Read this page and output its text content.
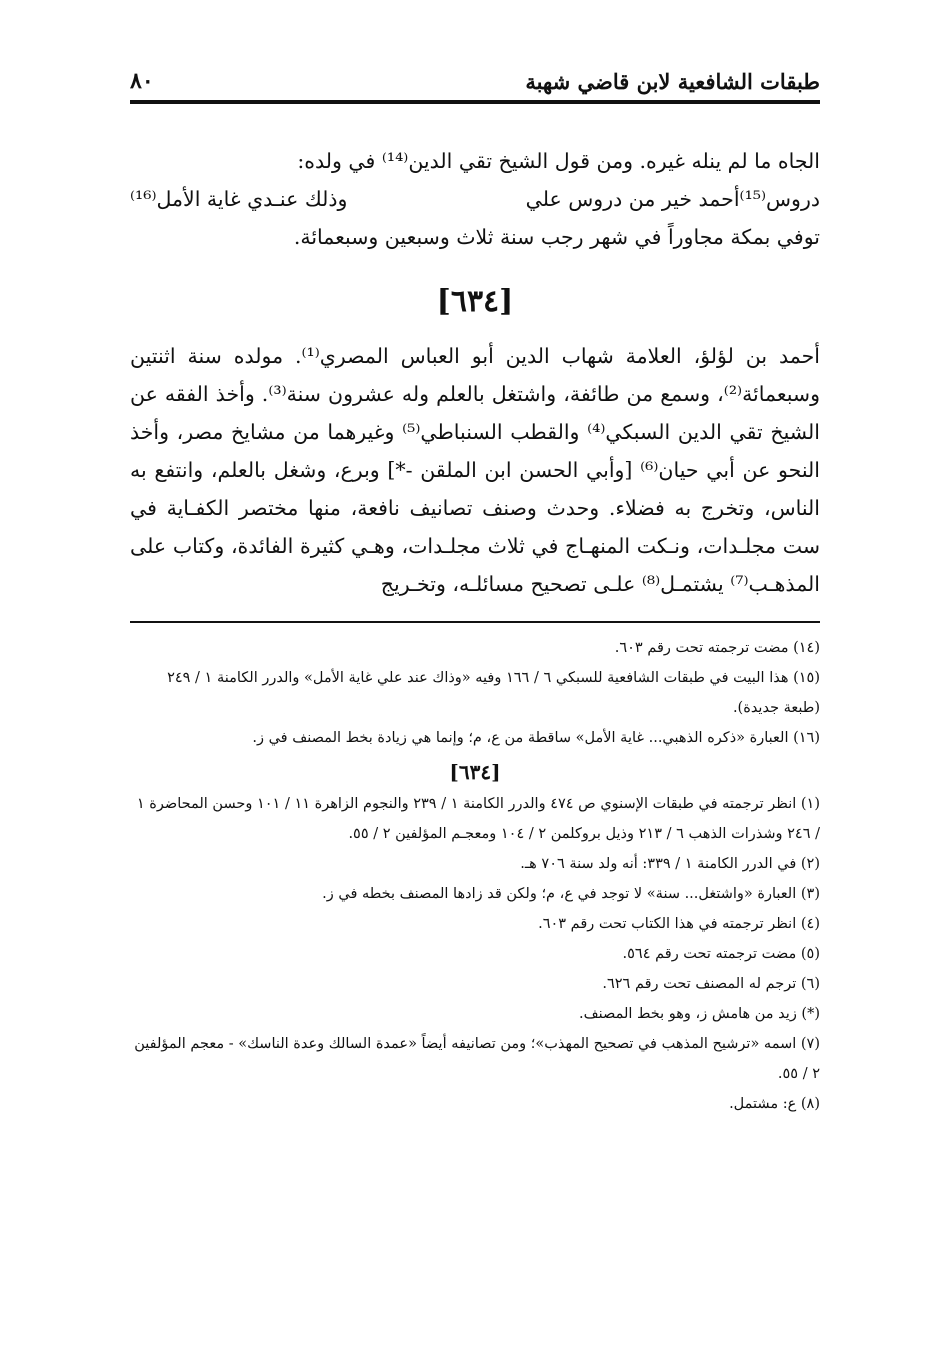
طبقات الشافعية لابن قاضي شهبة
٨٠

الجاه ما لم ينله غيره. ومن قول الشيخ تقي الدين⁽¹⁴⁾ في ولده:

دروس⁽¹⁵⁾أحمد خير من دروس علي
وذلك عنـدي غاية الأمل⁽¹⁶⁾

توفي بمكة مجاوراً في شهر رجب سنة ثلاث وسبعين وسبعمائة.

[٦٣٤]

أحمد بن لؤلؤ، العلامة شهاب الدين أبو العباس المصري⁽¹⁾. مولده سنة اثنتين وسبعمائة⁽²⁾، وسمع من طائفة، واشتغل بالعلم وله عشرون سنة⁽³⁾. وأخذ الفقه عن الشيخ تقي الدين السبكي⁽⁴⁾ والقطب السنباطي⁽⁵⁾ وغيرهما من مشايخ مصر، وأخذ النحو عن أبي حيان⁽⁶⁾ [وأبي الحسن ابن الملقن -*] وبرع، وشغل بالعلم، وانتفع به الناس، وتخرج به فضلاء. وحدث وصنف تصانيف نافعة، منها مختصر الكفـاية في ست مجلـدات، ونـكت المنهـاج في ثلاث مجلـدات، وهـي كثيرة الفائدة، وكتاب على المذهـب⁽⁷⁾ يشتمـل⁽⁸⁾ علـى تصحيح مسائلـه، وتخـريج

(١٤) مضت ترجمته تحت رقم ٦٠٣.

(١٥) هذا البيت في طبقات الشافعية للسبكي ٦ / ١٦٦ وفيه «وذاك عند علي غاية الأمل» والدرر الكامنة ١ / ٢٤٩ (طبعة جديدة).

(١٦) العبارة «ذكره الذهبي... غاية الأمل» ساقطة من ع، م؛ وإنما هي زيادة بخط المصنف في ز.

[٦٣٤]

(١) انظر ترجمته في طبقات الإسنوي ص ٤٧٤ والدرر الكامنة ١ / ٢٣٩ والنجوم الزاهرة ١١ / ١٠١ وحسن المحاضرة ١ / ٢٤٦ وشذرات الذهب ٦ / ٢١٣ وذيل بروكلمن ٢ / ١٠٤ ومعجـم المؤلفين ٢ / ٥٥.

(٢) في الدرر الكامنة ١ / ٣٣٩: أنه ولد سنة ٧٠٦ هـ.

(٣) العبارة «واشتغل... سنة» لا توجد في ع، م؛ ولكن قد زادها المصنف بخطه في ز.

(٤) انظر ترجمته في هذا الكتاب تحت رقم ٦٠٣.

(٥) مضت ترجمته تحت رقم ٥٦٤.

(٦) ترجم له المصنف تحت رقم ٦٢٦.

(*) زيد من هامش ز، وهو بخط المصنف.

(٧) اسمه «ترشيح المذهب في تصحيح المهذب»؛ ومن تصانيفه أيضاً «عمدة السالك وعدة الناسك» - معجم المؤلفين ٢ / ٥٥.

(٨) ع: مشتمل.
